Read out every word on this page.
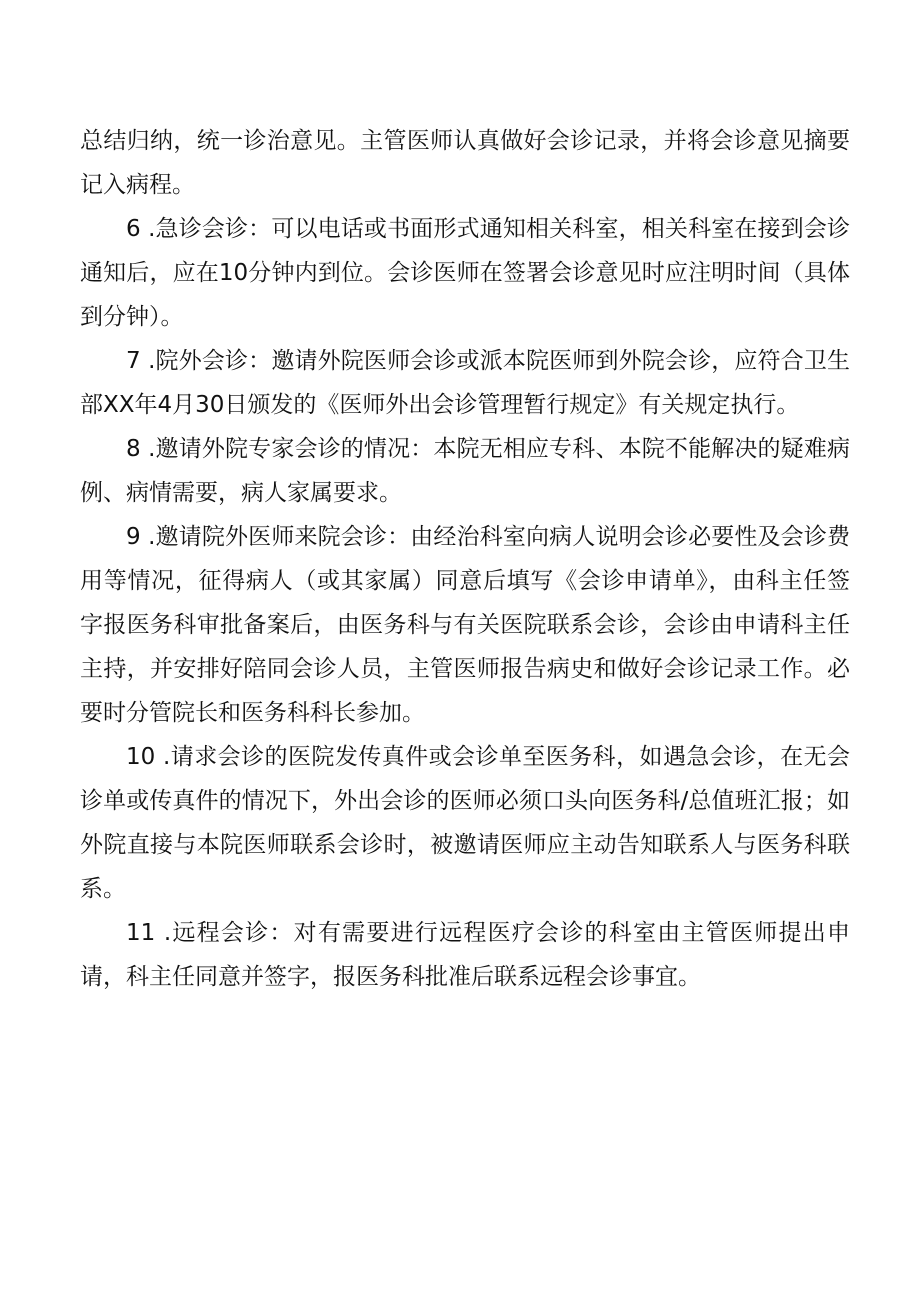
总结归纳，统一诊治意见。主管医师认真做好会诊记录，并将会诊意见摘要记入病程。

6 .急诊会诊：可以电话或书面形式通知相关科室，相关科室在接到会诊通知后，应在10分钟内到位。会诊医师在签署会诊意见时应注明时间（具体到分钟）。

7 .院外会诊：邀请外院医师会诊或派本院医师到外院会诊，应符合卫生部XX年4月30日颁发的《医师外出会诊管理暂行规定》有关规定执行。

8 .邀请外院专家会诊的情况：本院无相应专科、本院不能解决的疑难病例、病情需要，病人家属要求。

9 .邀请院外医师来院会诊：由经治科室向病人说明会诊必要性及会诊费用等情况，征得病人（或其家属）同意后填写《会诊申请单》，由科主任签字报医务科审批备案后，由医务科与有关医院联系会诊，会诊由申请科主任主持，并安排好陪同会诊人员，主管医师报告病史和做好会诊记录工作。必要时分管院长和医务科科长参加。

10 .请求会诊的医院发传真件或会诊单至医务科，如遇急会诊，在无会诊单或传真件的情况下，外出会诊的医师必须口头向医务科/总值班汇报；如外院直接与本院医师联系会诊时，被邀请医师应主动告知联系人与医务科联系。

11 .远程会诊：对有需要进行远程医疗会诊的科室由主管医师提出申请，科主任同意并签字，报医务科批准后联系远程会诊事宜。
